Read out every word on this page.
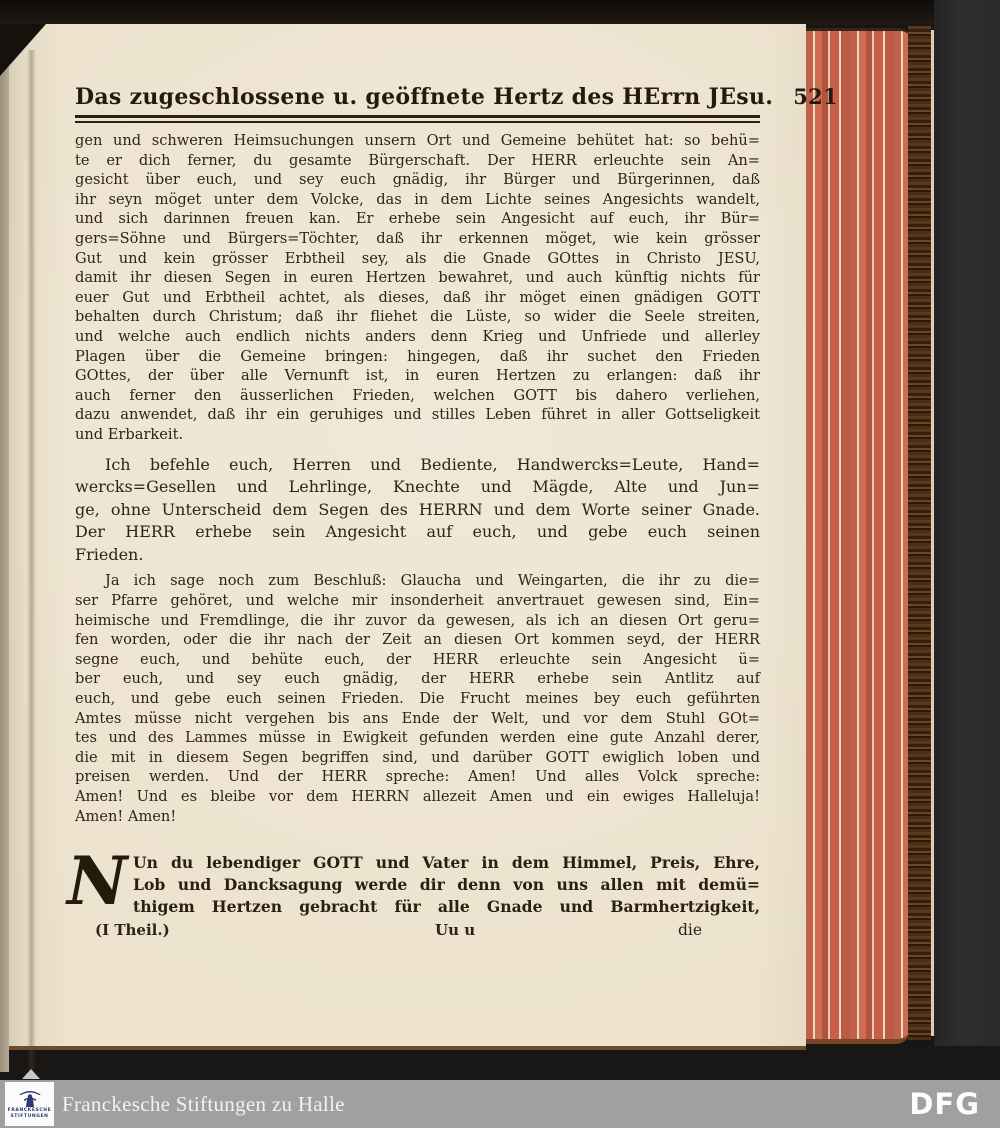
Das zugeschlossene u. geöffnete Hertz des HErrn JEsu. 521
gen und schweren Heimsuchungen unsern Ort und Gemeine behütet hat: so behü=
te er dich ferner, du gesamte Bürgerschaft. Der HERR erleuchte sein An=
gesicht über euch, und sey euch gnädig, ihr Bürger und Bürgerinnen, daß
ihr seyn möget unter dem Volcke, das in dem Lichte seines Angesichts wandelt,
und sich darinnen freuen kan. Er erhebe sein Angesicht auf euch, ihr Bür=
gers=Söhne und Bürgers=Töchter, daß ihr erkennen möget, wie kein grösser
Gut und kein grösser Erbtheil sey, als die Gnade GOttes in Christo JESU,
damit ihr diesen Segen in euren Hertzen bewahret, und auch künftig nichts für
euer Gut und Erbtheil achtet, als dieses, daß ihr möget einen gnädigen GOTT
behalten durch Christum; daß ihr fliehet die Lüste, so wider die Seele streiten,
und welche auch endlich nichts anders denn Krieg und Unfriede und allerley
Plagen über die Gemeine bringen: hingegen, daß ihr suchet den Frieden
GOttes, der über alle Vernunft ist, in euren Hertzen zu erlangen: daß ihr
auch ferner den äusserlichen Frieden, welchen GOTT bis dahero verliehen,
dazu anwendet, daß ihr ein geruhiges und stilles Leben führet in aller Gottseligkeit
und Erbarkeit.
Ich befehle euch, Herren und Bediente, Handwercks=Leute, Hand=
wercks=Gesellen und Lehrlinge, Knechte und Mägde, Alte und Jun=
ge, ohne Unterscheid dem Segen des HERRN und dem Worte seiner Gnade.
Der HERR erhebe sein Angesicht auf euch, und gebe euch seinen
Frieden.
Ja ich sage noch zum Beschluß: Glaucha und Weingarten, die ihr zu die=
ser Pfarre gehöret, und welche mir insonderheit anvertrauet gewesen sind, Ein=
heimische und Fremdlinge, die ihr zuvor da gewesen, als ich an diesen Ort geru=
fen worden, oder die ihr nach der Zeit an diesen Ort kommen seyd, der HERR
segne euch, und behüte euch, der HERR erleuchte sein Angesicht ü=
ber euch, und sey euch gnädig, der HERR erhebe sein Antlitz auf
euch, und gebe euch seinen Frieden. Die Frucht meines bey euch geführten
Amtes müsse nicht vergehen bis ans Ende der Welt, und vor dem Stuhl GOt=
tes und des Lammes müsse in Ewigkeit gefunden werden eine gute Anzahl derer,
die mit in diesem Segen begriffen sind, und darüber GOTT ewiglich loben und
preisen werden. Und der HERR spreche: Amen! Und alles Volck spreche:
Amen! Und es bleibe vor dem HERRN allezeit Amen und ein ewiges Halleluja!
Amen! Amen!
N Un du lebendiger GOTT und Vater in dem Himmel, Preis, Ehre,
Lob und Dancksagung werde dir denn von uns allen mit demü=
thigem Hertzen gebracht für alle Gnade und Barmhertzigkeit,
(I Theil.)	Uu u	die
FRANCKESCHE
STIFTUNGEN
Franckesche Stiftungen zu Halle	DFG
